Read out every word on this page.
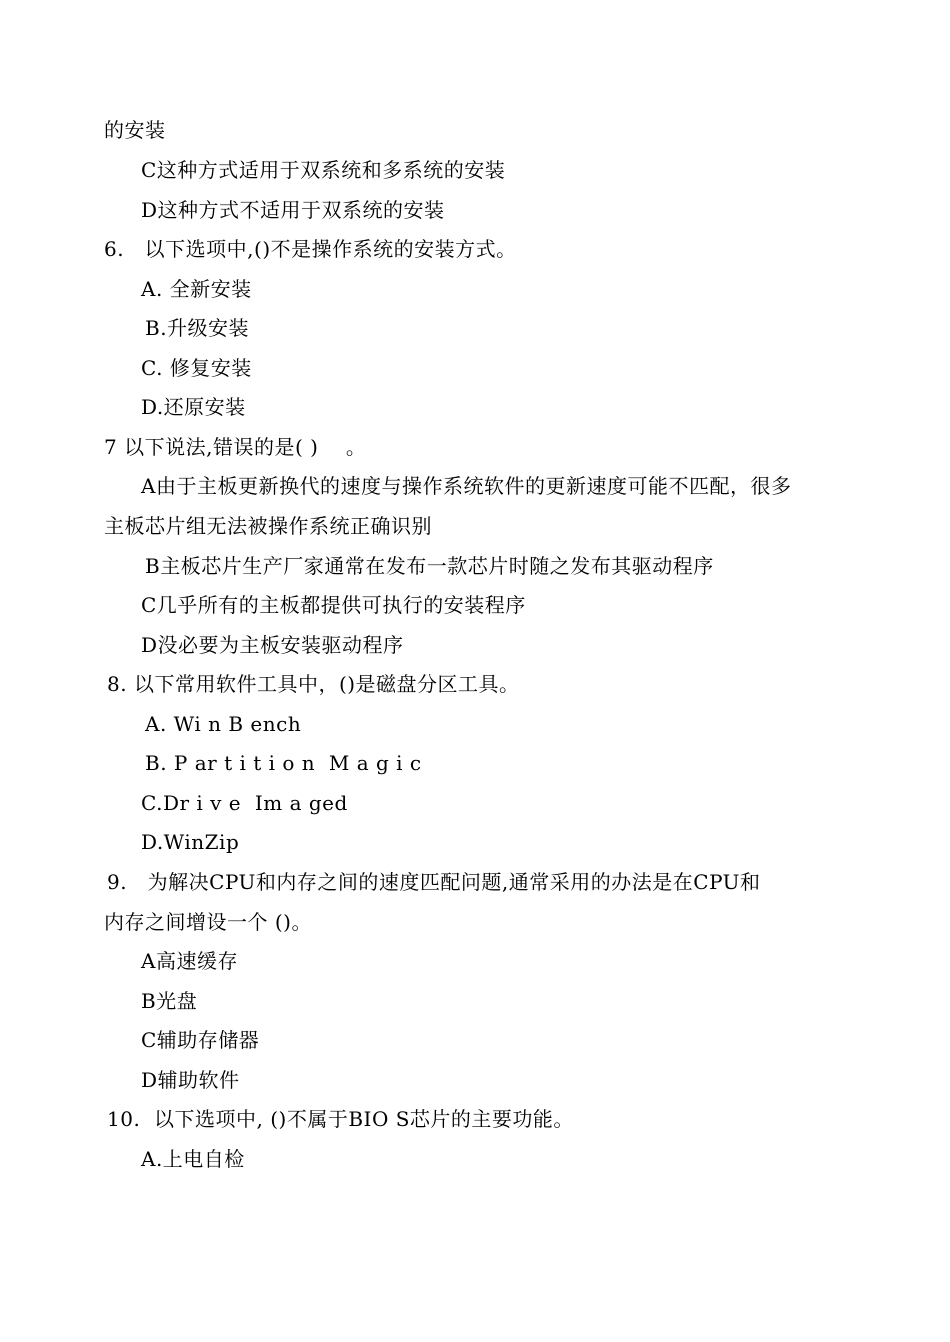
的安装
C这种方式适用于双系统和多系统的安装
D这种方式不适用于双系统的安装
6.   以下选项中,()不是操作系统的安装方式。
A. 全新安装
B.升级安装
C. 修复安装
D.还原安装
7 以下说法,错误的是( )    。
A由于主板更新换代的速度与操作系统软件的更新速度可能不匹配，很多
主板芯片组无法被操作系统正确识别
B主板芯片生产厂家通常在发布一款芯片时随之发布其驱动程序
C几乎所有的主板都提供可执行的安装程序
D没必要为主板安装驱动程序
8. 以下常用软件工具中，()是磁盘分区工具。
A. Wi n B ench
B. P ar t i t i o n  M a g i c
C.Dr i v e  Im a ged
D.WinZip
9.   为解决CPU和内存之间的速度匹配问题,通常采用的办法是在CPU和
内存之间增设一个 ()。
A高速缓存
B光盘
C辅助存储器
D辅助软件
10.  以下选项中, ()不属于BIO S芯片的主要功能。
A.上电自检
